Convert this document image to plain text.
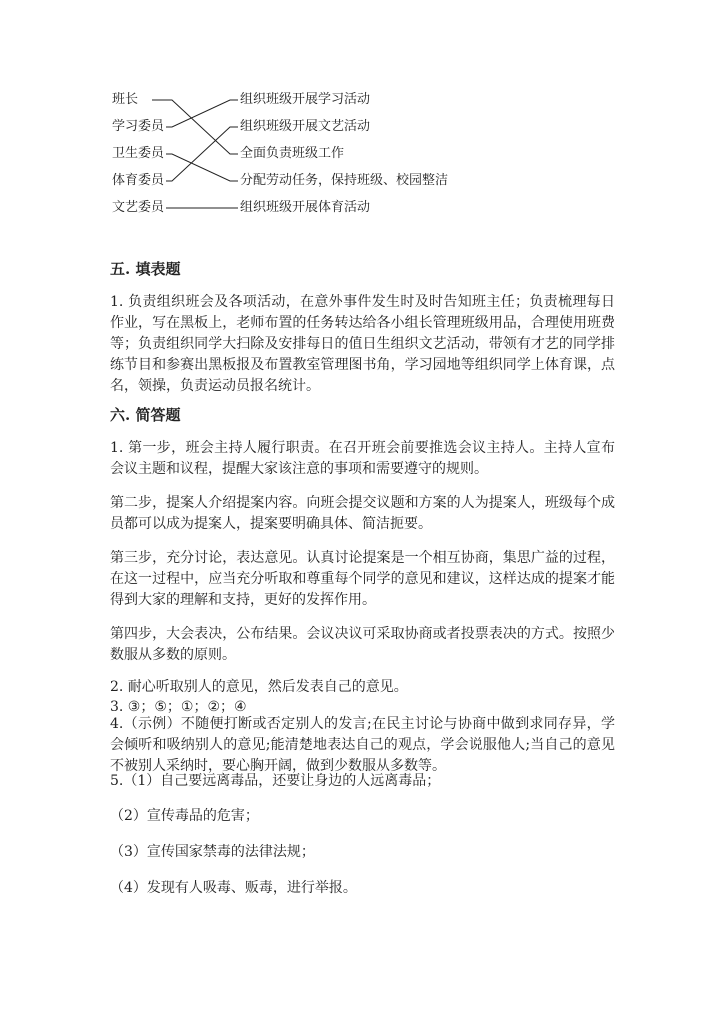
班长
学习委员
卫生委员
体育委员
文艺委员
组织班级开展学习活动
组织班级开展文艺活动
全面负责班级工作
分配劳动任务，保持班级、校园整洁
组织班级开展体育活动
五. 填表题

1. 负责组织班会及各项活动，在意外事件发生时及时告知班主任；负责梳理每日作业，写在黑板上，老师布置的任务转达给各小组长管理班级用品，合理使用班费等；负责组织同学大扫除及安排每日的值日生组织文艺活动，带领有才艺的同学排练节目和参赛出黑板报及布置教室管理图书角，学习园地等组织同学上体育课，点名，领操，负责运动员报名统计。

六. 简答题

1. 第一步，班会主持人履行职责。在召开班会前要推选会议主持人。主持人宣布会议主题和议程，提醒大家该注意的事项和需要遵守的规则。

第二步，提案人介绍提案内容。向班会提交议题和方案的人为提案人，班级每个成员都可以成为提案人，提案要明确具体、简洁扼要。

第三步，充分讨论，表达意见。认真讨论提案是一个相互协商，集思广益的过程，在这一过程中，应当充分听取和尊重每个同学的意见和建议，这样达成的提案才能得到大家的理解和支持，更好的发挥作用。

第四步，大会表决，公布结果。会议决议可采取协商或者投票表决的方式。按照少数服从多数的原则。

2. 耐心听取别人的意见，然后发表自己的意见。

3. ③；⑤；①；②；④

4.（示例）不随便打断或否定别人的发言;在民主讨论与协商中做到求同存异，学会倾听和吸纳别人的意见;能清楚地表达自己的观点，学会说服他人;当自己的意见不被别人采纳时，要心胸开阔，做到少数服从多数等。

5.（1）自己要远离毒品，还要让身边的人远离毒品；

（2）宣传毒品的危害；

（3）宣传国家禁毒的法律法规；

（4）发现有人吸毒、贩毒，进行举报。
